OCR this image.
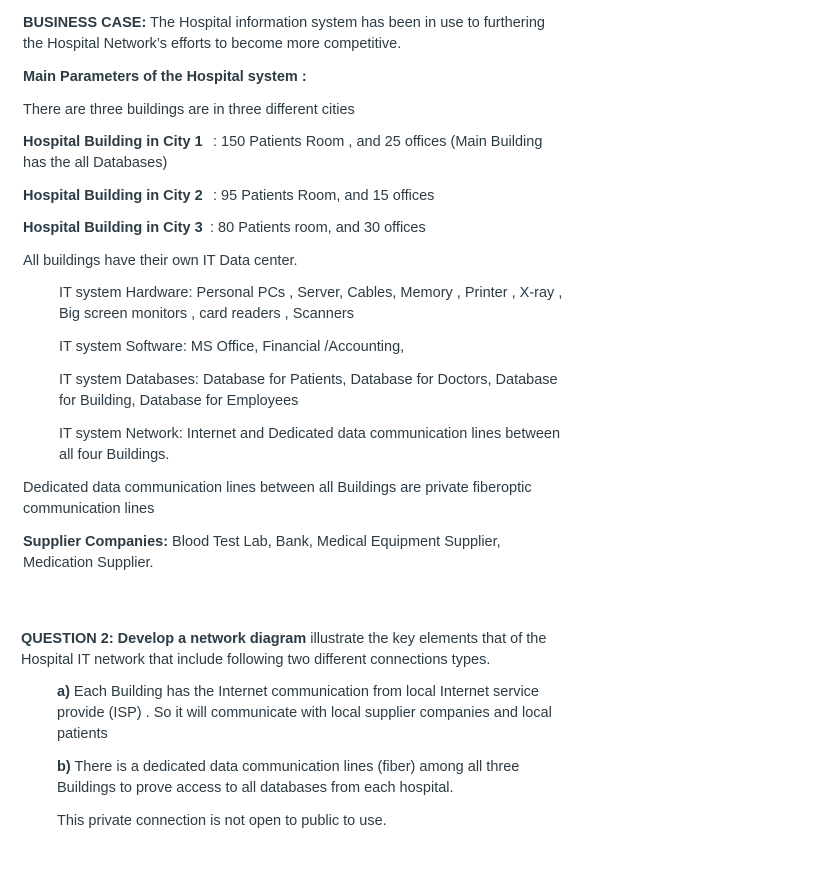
BUSINESS CASE: The Hospital information system has been in use to furthering the Hospital Network’s efforts to become more competitive.

Main Parameters of the Hospital system :

There are three buildings are in three different cities

Hospital Building in City 1 : 150 Patients Room , and 25 offices (Main Building has the all Databases)

Hospital Building in City 2 : 95 Patients Room, and 15 offices

Hospital Building in City 3 : 80 Patients room, and 30 offices

All buildings have their own IT Data center.

IT system Hardware: Personal PCs , Server, Cables, Memory , Printer , X-ray , Big screen monitors , card readers , Scanners

IT system Software: MS Office, Financial /Accounting,

IT system Databases: Database for Patients, Database for Doctors, Database for Building, Database for Employees

IT system Network: Internet and Dedicated data communication lines between all four Buildings.

Dedicated data communication lines between all Buildings are private fiberoptic communication lines

Supplier Companies: Blood Test Lab, Bank, Medical Equipment Supplier, Medication Supplier.

QUESTION 2: Develop a network diagram illustrate the key elements that of the Hospital IT network that include following two different connections types.

a) Each Building has the Internet communication from local Internet service provide (ISP) . So it will communicate with local supplier companies and local patients

b) There is a dedicated data communication lines (fiber) among all three Buildings to prove access to all databases from each hospital.

This private connection is not open to public to use.
